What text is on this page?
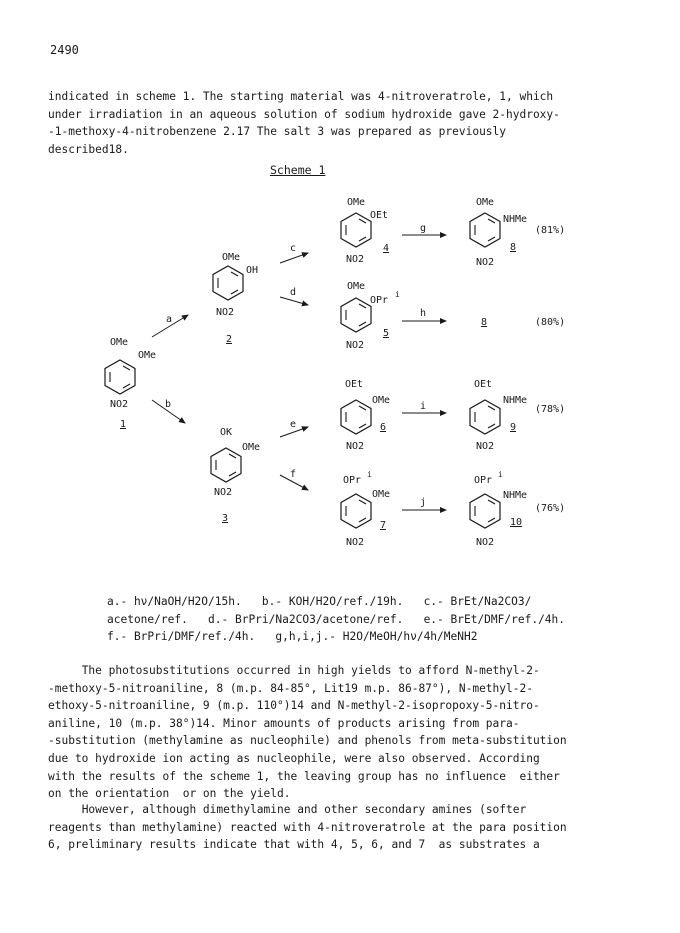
2490

indicated in scheme 1. The starting material was 4-nitroveratrole, 1, which
under irradiation in an aqueous solution of sodium hydroxide gave 2-hydroxy-
-1-methoxy-4-nitrobenzene 2.17 The salt 3 was prepared as previously
described18.

Scheme 1
OMe
OMe
NO2
1
OMe
OH
NO2
2
OK
OMe
NO2
3
OMe
OEt
NO2
4
OMe
OPr
i
NO2
5
OEt
OMe
NO2
6
OPr
i
OMe
NO2
7
OMe
NHMe
NO2
8
OEt
NHMe
NO2
9
OPr
i
NHMe
NO2
10
a
b
c
d
e
f
g
h
i
j
8
(81%)
(80%)
(78%)
(76%)

a.- hν/NaOH/H2O/15h.   b.- KOH/H2O/ref./19h.   c.- BrEt/Na2CO3/
acetone/ref.   d.- BrPri/Na2CO3/acetone/ref.   e.- BrEt/DMF/ref./4h.
f.- BrPri/DMF/ref./4h.   g,h,i,j.- H2O/MeOH/hν/4h/MeNH2

The photosubstitutions occurred in high yields to afford N-methyl-2-
-methoxy-5-nitroaniline, 8 (m.p. 84-85°, Lit19 m.p. 86-87°), N-methyl-2-
ethoxy-5-nitroaniline, 9 (m.p. 110°)14 and N-methyl-2-isopropoxy-5-nitro-
aniline, 10 (m.p. 38°)14. Minor amounts of products arising from para-
-substitution (methylamine as nucleophile) and phenols from meta-substitution
due to hydroxide ion acting as nucleophile, were also observed. According
with the results of the scheme 1, the leaving group has no influence  either
on the orientation  or on the yield.

However, although dimethylamine and other secondary amines (softer
reagents than methylamine) reacted with 4-nitroveratrole at the para position
6, preliminary results indicate that with 4, 5, 6, and 7  as substrates a
